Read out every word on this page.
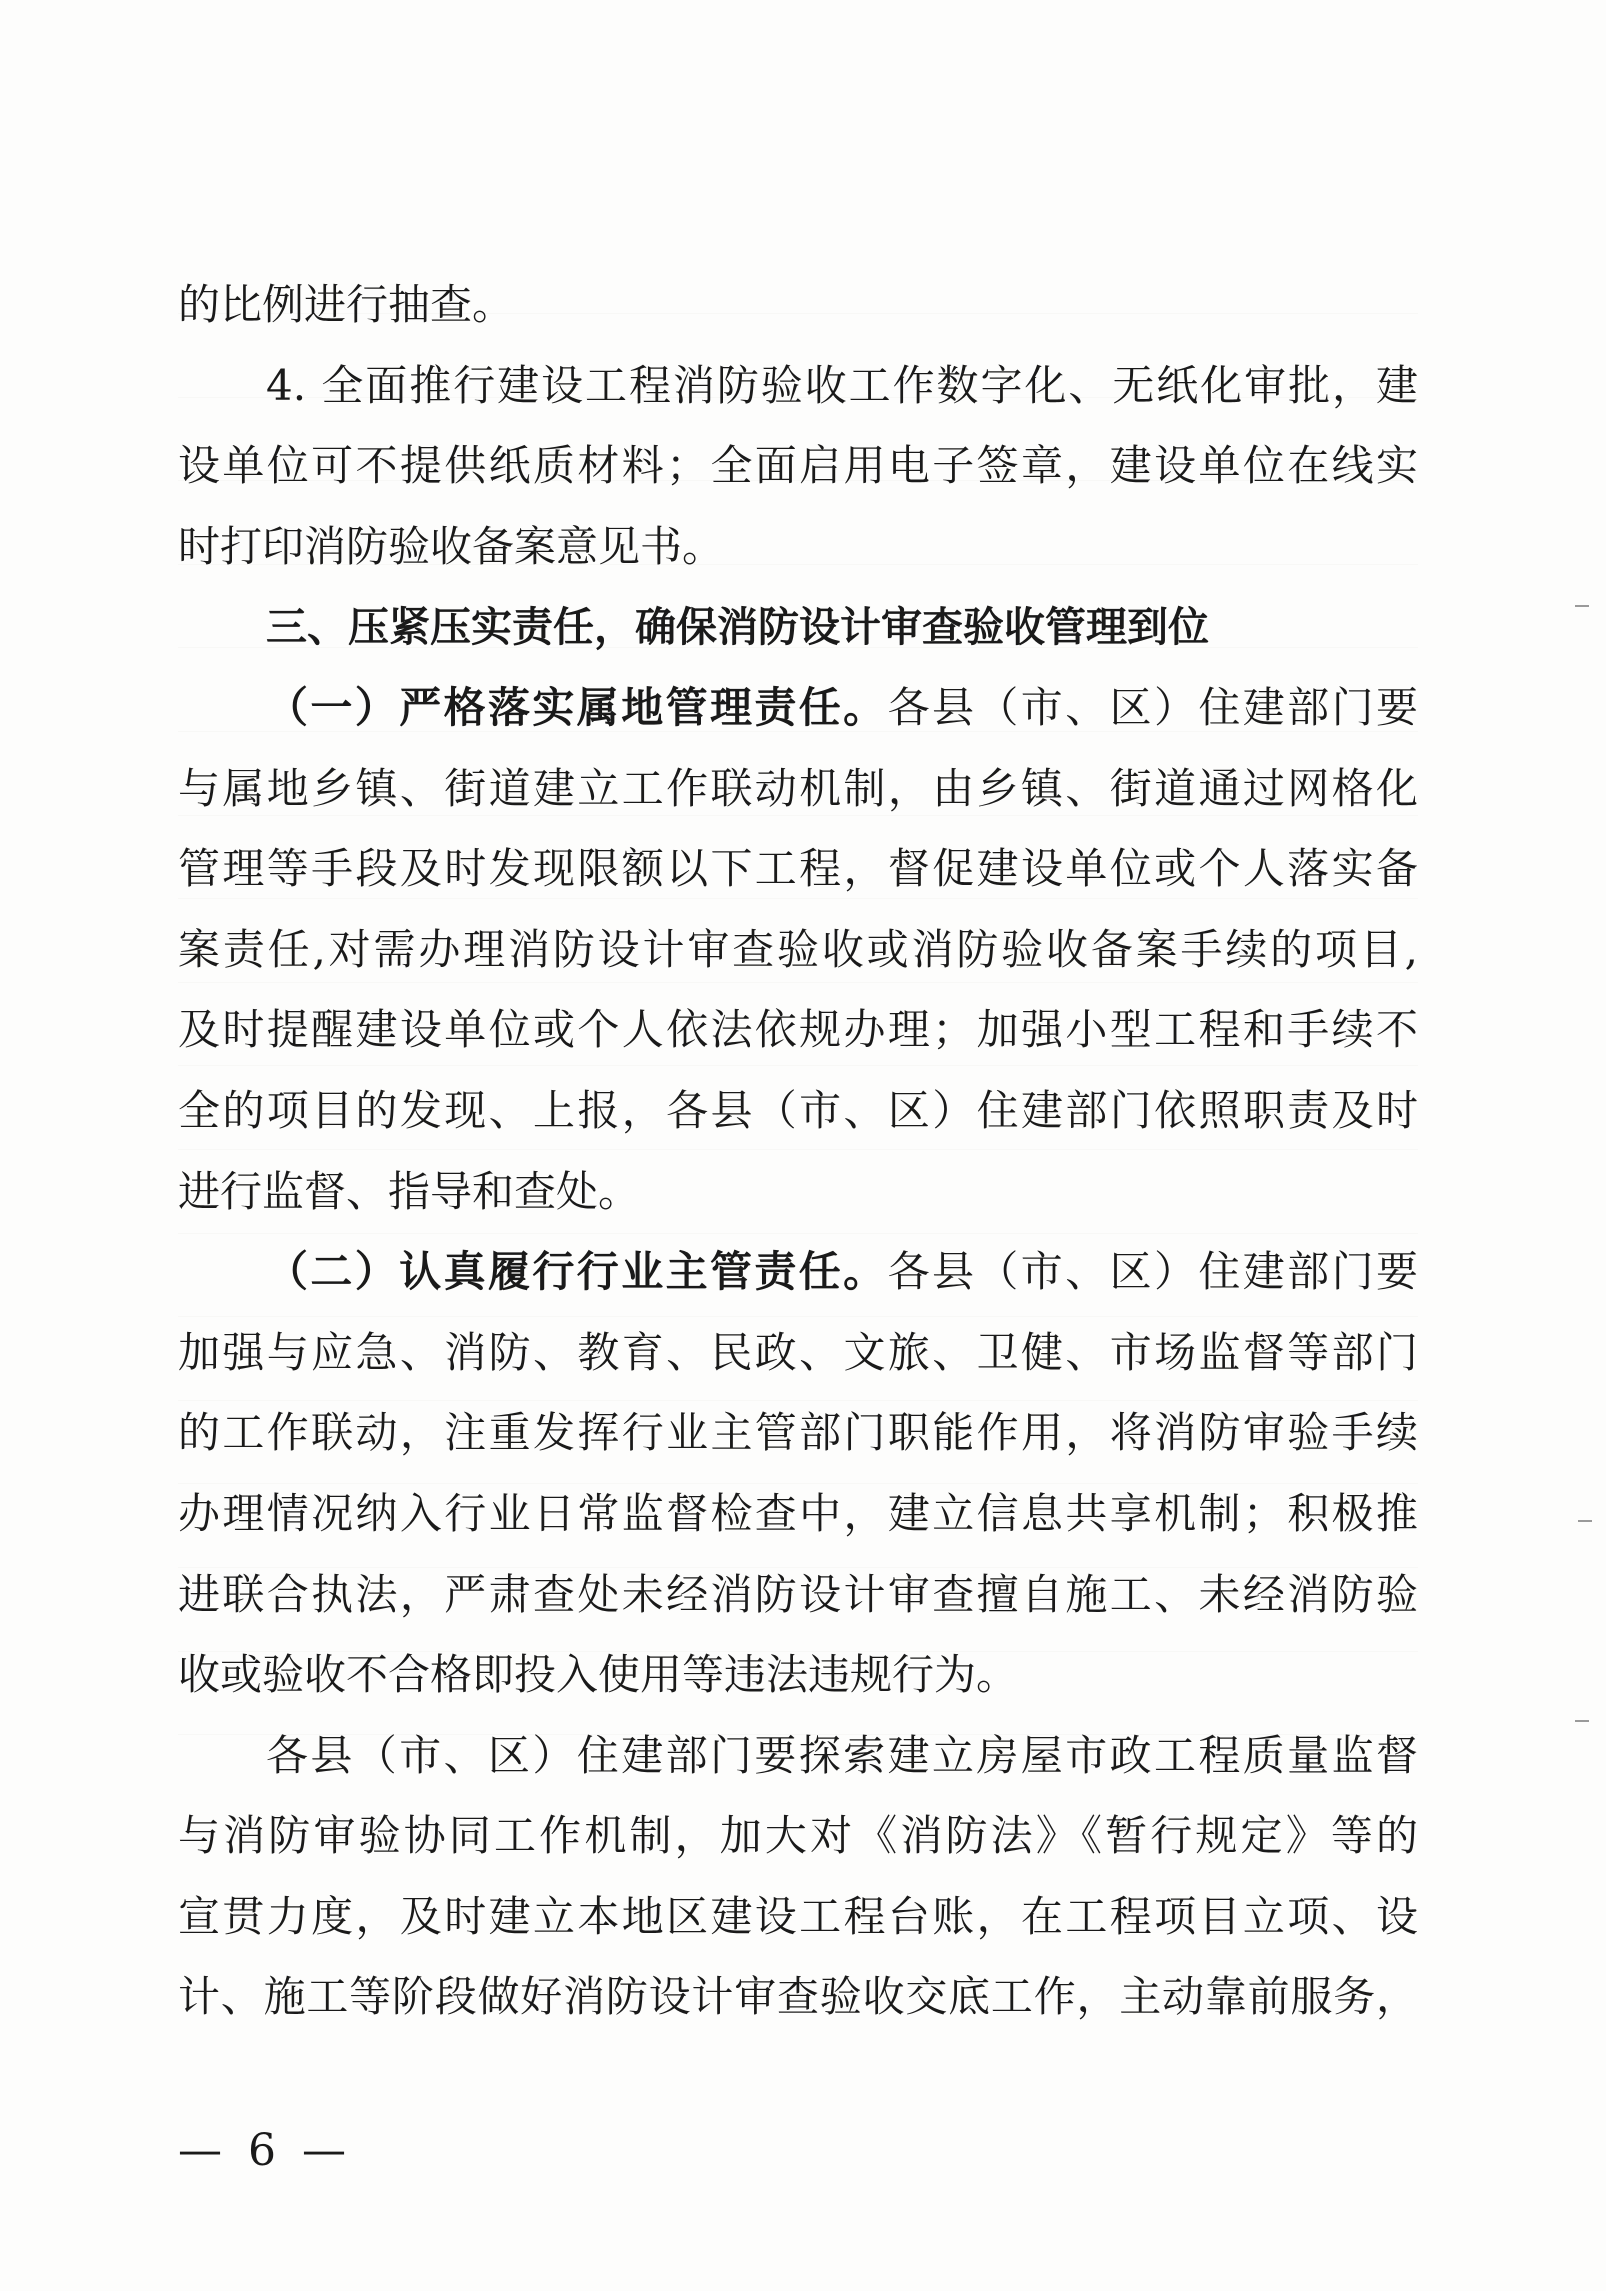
的比例进行抽查。
4. 全面推行建设工程消防验收工作数字化、无纸化审批，建
设单位可不提供纸质材料；全面启用电子签章，建设单位在线实
时打印消防验收备案意见书。
三、压紧压实责任，确保消防设计审查验收管理到位
（一）严格落实属地管理责任。各县（市、区）住建部门要
与属地乡镇、街道建立工作联动机制，由乡镇、街道通过网格化
管理等手段及时发现限额以下工程，督促建设单位或个人落实备
案责任,对需办理消防设计审查验收或消防验收备案手续的项目,
及时提醒建设单位或个人依法依规办理；加强小型工程和手续不
全的项目的发现、上报，各县（市、区）住建部门依照职责及时
进行监督、指导和查处。
（二）认真履行行业主管责任。各县（市、区）住建部门要
加强与应急、消防、教育、民政、文旅、卫健、市场监督等部门
的工作联动，注重发挥行业主管部门职能作用，将消防审验手续
办理情况纳入行业日常监督检查中，建立信息共享机制；积极推
进联合执法，严肃查处未经消防设计审查擅自施工、未经消防验
收或验收不合格即投入使用等违法违规行为。
各县（市、区）住建部门要探索建立房屋市政工程质量监督
与消防审验协同工作机制，加大对《消防法》《暂行规定》等的
宣贯力度，及时建立本地区建设工程台账，在工程项目立项、设
计、施工等阶段做好消防设计审查验收交底工作，主动靠前服务，
— 6 —
